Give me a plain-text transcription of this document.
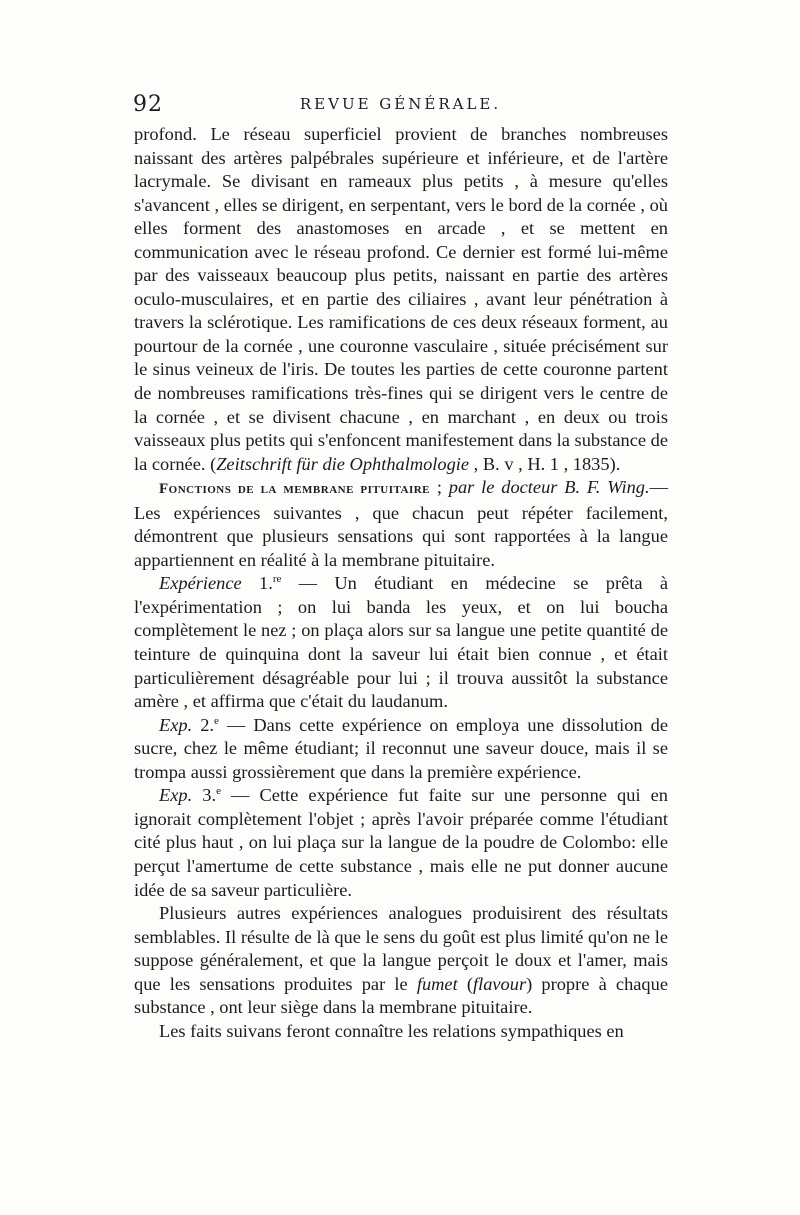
92	REVUE GÉNÉRALE.

profond. Le réseau superficiel provient de branches nombreuses naissant des artères palpébrales supérieure et inférieure, et de l'artère lacrymale. Se divisant en rameaux plus petits , à mesure qu'elles s'avancent , elles se dirigent, en serpentant, vers le bord de la cornée , où elles forment des anastomoses en arcade , et se mettent en communication avec le réseau profond. Ce dernier est formé lui-même par des vaisseaux beaucoup plus petits, naissant en partie des artères oculo-musculaires, et en partie des ciliaires , avant leur pénétration à travers la sclérotique. Les ramifications de ces deux réseaux forment, au pourtour de la cornée , une couronne vasculaire , située précisément sur le sinus veineux de l'iris. De toutes les parties de cette couronne partent de nombreuses ramifications très-fines qui se dirigent vers le centre de la cornée , et se divisent chacune , en marchant , en deux ou trois vaisseaux plus petits qui s'enfoncent manifestement dans la substance de la cornée. (Zeitschrift für die Ophthalmologie , B. v , H. 1 , 1835).

Fonctions de la membrane pituitaire ; par le docteur B. F. Wing.—Les expériences suivantes , que chacun peut répéter facilement, démontrent que plusieurs sensations qui sont rapportées à la langue appartiennent en réalité à la membrane pituitaire.

Expérience 1.$^{re}$ — Un étudiant en médecine se prêta à l'expérimentation ; on lui banda les yeux, et on lui boucha complètement le nez ; on plaça alors sur sa langue une petite quantité de teinture de quinquina dont la saveur lui était bien connue , et était particulièrement désagréable pour lui ; il trouva aussitôt la substance amère , et affirma que c'était du laudanum.

Exp. 2.$^e$ — Dans cette expérience on employa une dissolution de sucre, chez le même étudiant; il reconnut une saveur douce, mais il se trompa aussi grossièrement que dans la première expérience.

Exp. 3.$^e$ — Cette expérience fut faite sur une personne qui en ignorait complètement l'objet ; après l'avoir préparée comme l'étudiant cité plus haut , on lui plaça sur la langue de la poudre de Colombo: elle perçut l'amertume de cette substance , mais elle ne put donner aucune idée de sa saveur particulière.

Plusieurs autres expériences analogues produisirent des résultats semblables. Il résulte de là que le sens du goût est plus limité qu'on ne le suppose généralement, et que la langue perçoit le doux et l'amer, mais que les sensations produites par le fumet (flavour) propre à chaque substance , ont leur siège dans la membrane pituitaire.

Les faits suivans feront connaître les relations sympathiques en
